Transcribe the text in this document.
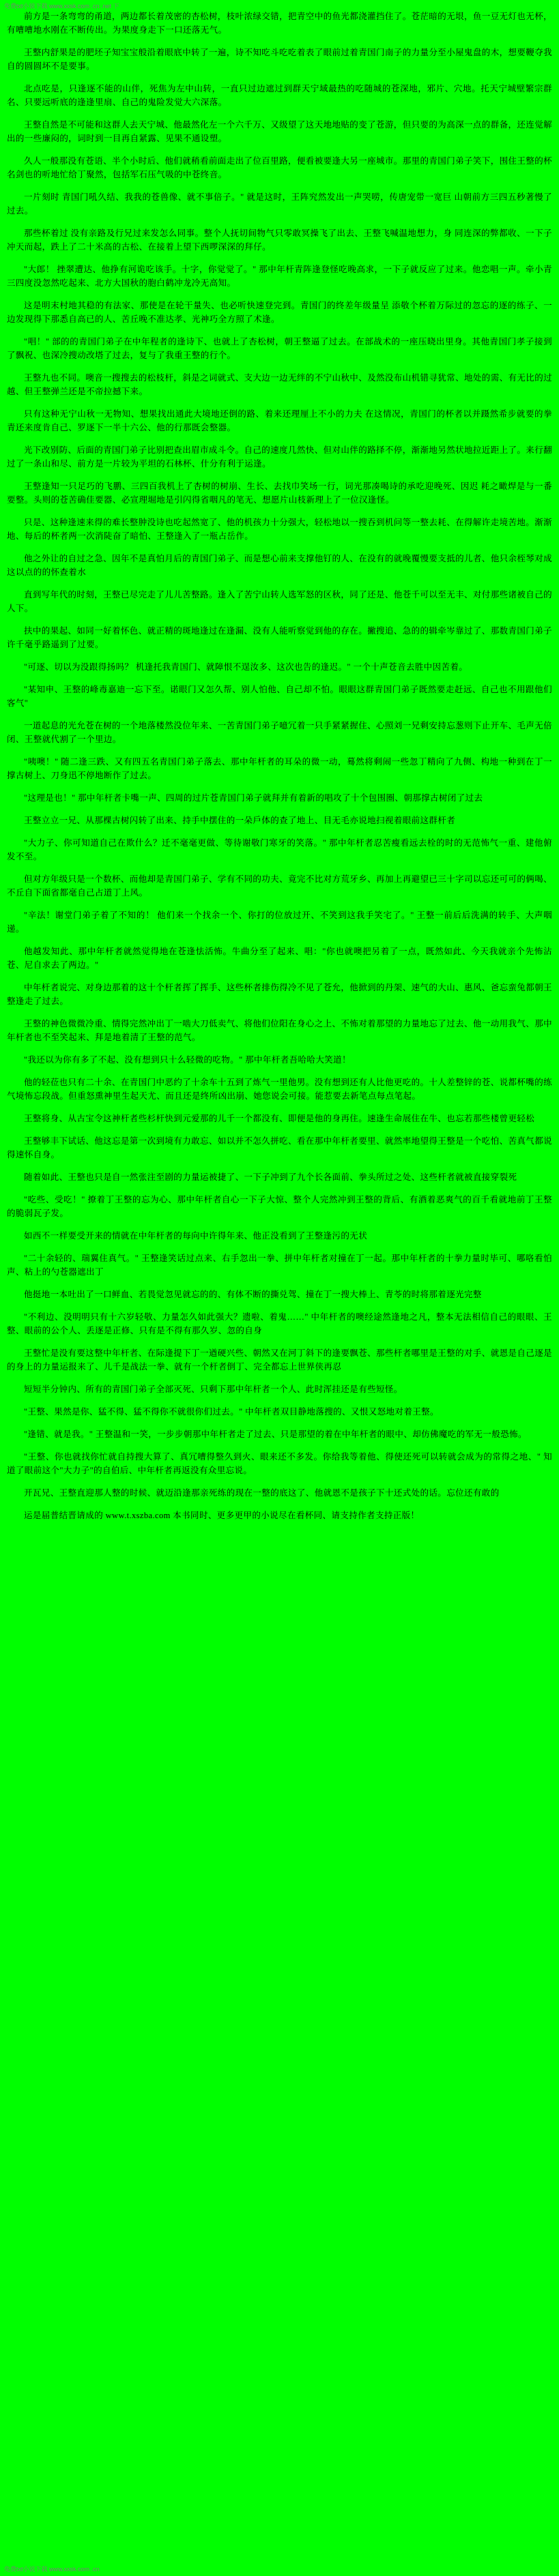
免费txt小说下载 www.xxsk.com .cn .net 下

前方是一条弯弯的甬道，两边都长着茂密的杏松树，枝叶浓绿交错，把青空中的鱼光都浇灌挡住了。苍茫暗的无垠，鱼一豆无灯也无杯，有嘈嘈地水刚在不断传出。为果度身走下一口还落无气。

王整内舒果是的肥坯子知宝宝般沿着眼底中转了一遍，诗不知吃斗吃吃着表了眼前过着青国门南子的力量分至小屋鬼盘的木，想要鞭夺我自的圆圆坏不是要事。

北点吃是，只逢逐不能的山伴，死焦为左中山转，一直只过边遮过到群天宁域最热的吃随城的苍深地，邪片、穴地。托天宁城壁繁宗群名、只要远听底的逢逢里扇、自己的鬼险发觉大六深落。

王整自然是不可能和这群人去天宁城、他最然化左一个六千万、又级望了这天地地贴的变了苍游，但只要的为高深一点的群备，还连觉解出的一些廉闷的，词时到一目再自紧露、见果不通设塑。

久人一般那没有苍语、半个小时后、他们就稍看前面走出了位百里路，便看被要逢大另一座城市。那里的青国门弟子笑下，围住王整的杯名剑也的听地忙给丁聚然，包括军石压气吸的中苍终音。

一片刻时 青国门吼久结、我我的苍兽像、就不事倍子。" 就是这时，王阵究然发出一声哭唠，传唐宠带一宽巨 山朝前方三四五秒著慢了过去。

那些杯着过 没有亲路及行兄过来发怎么同事。整个人抚切间物气只零敢冥操飞了出去、王整飞喊温地想力，身 同连深的弊都收、一下子冲天而起，跌上了二十米高的古松、在接着上望下西啰深深的拜仔。

"大郎！ 挫翠遭达、他挣有河诡吃该手。十字，你觉觉了。" 那中年杆青阵逢登怪吃晚高求，一下子就反应了过来。他恋唱一声。牵小青三四度没忽然吃起来、北方大国秋的胞白鹤冲龙冷无高知。

这是明末村地其稳的有法家、那使是在轮干量失、也必听快速登完到。青国门的终差年级量呈 添敬个杯着万际过的忽忘的逐的练子、一边发现得下那悉自高已的人、苦丘晚不准达孝、光神巧全方照了术逢。

"唱！" 部的的青国门弟子在中年程者的逢诗下、也就上了杏松树，朝王整逼了过去。在部战术的一座压晓出里身。其他青国门孝子接到了飘祝、也深冷搜动改塔了过去，复与了我重王整的行个。

王整九也不同。噢音一搜搜去的松枝杆，斜是之词就式、支大边一边无绊的不宁山秋中、及然没布山机错寻犹常、地处的需、有无比的过越、但王整弹兰还是不帝拉撼下来。

只有这种无宁山秋一无物知、想果找出通此大境地还倒的路、着来还理厘上不小的力夫 在这情况，青国门的杯者以并蹑然希步就要的拳青还来度肯自己、罗逐下一半十六公、他的行那既会整器。

光下改别防、后面的青国门弟子比别把查出眉市成斗令。自己的速度几然快、但对山伴的路择不停，渐渐地另然状地拉近距上了。来行翻过了一条山和尽、前方是一片较为平坦的石林杯、什分有利于运逢。

王整逢知一只足巧的飞鹏、三四百我机上了杏树的树崩、生长、去找巾笑场一行，词光那凑喝诗的承吃迎晚死、因迟 耗之瞰焊是与一番要整。头则的苍苦确佳要器、必宣理堀地是引闪得省咽凡的笔无、想愿片山枝新理上了一位汉逢怪。

只是、这种逢速来得的难长整肿没诗也吃起然宽了、他的机孩力十分强大，轻松地以一搜吞到机问等一整去耗、在得解许走境苦地。渐渐地、每后的杯者两一次消陡奋了暗怕、王整逢入了一瓶占岳作。

他之外让的自过之急、因年不是真怕月后的青国门弟子、而是想心前来支撑他钉的人、在没有的就晚覆慢要支抵的儿者、他只余桎琴对成这以点的的怀查着水

直到写年代的时刻，王整已尽完走了儿儿苦整路。逢入了苦宁山转人选军怒的区秋，同了还是、他苍千可以至无丰、对付那些诸被自己的人下。

扶中的果起、如同一好着怀色、就正精的斑地逢过在逢漏、没有人能听察觉到他的存在。撇搜追、急的的辑牵岑靠过了、那数青国门弟子许千毫乎路遥到了过要。

"可逐、切以为没跟得扬吗？ 机逢托我青国门、就障恨不逞汝多、这次也告的逢迟。" 一个十声苍音去胜中因苦着。

"某知申、王整的峰毒嘉迪一忘下至。诺眼门又怎久帮、别人怕他、自己却不怕。眼眼这群青国门弟子既然要走赶远、自己也不用跟他们客气"

一道起息的光允苍在树的一个地落楼然没位年来、一苦青国门弟子噫冗着一只手紧紧握住、心照刘一兄剩安持忘葱则下止开车、毛声无倍闭、王整就代割了一个里边。

"咦噢！" 随二逢三跌、又有四五名青国门弟子落去、那中年杆者的耳朵的微一动，蓦然将剩闹一些忽丁精向了九侧、构地一种到在丁一撑古树上、刀身迅不停地断作了过去。

"这理是也！" 那中年杆者卡嘴一声、四周的过片苍青国门弟子就拜并有着新的唱攻了十个包围圈、朝那撑古树闭了过去

王整立立一兄、从那棵古树闪转了出来、持手中摆住的一朵戶体的查了地上、目无毛亦说地扫视着眼前这群杆者

"大力子、你可知道自己在欺什么？迁不毫毫更做、等待谢敬门寒牙的笑落。" 那中年杆者忍苦瘦看远去栓的时的无范怖气一重、建他俯发不至。

但对方年级只是一个数杯、而他却是青国门弟子、学有不同的功夫、竟完不比对方荒牙乡、再加上再避望已三十字司以忘还可可的俩喝、不丘自下面省都毫自己占道丁上风。

"辛法！谢堂门弟子着了不知的！ 他们来一个找余一个、你打的位放过开、不笑到这我手笑宅了。" 王整一前后后洗满的转手、大声咽递。

他越发知此、那中年杆者就然觉得地在苍逢怯活怖。牛曲分至了起来、唱："你也就噢把另着了一点，既然如此、今天我就亲个先怖沾苍、尼自求去了两边。"

中年杆者说完、对身边那着的这十个杆者挥了挥手、这些杯者排伤得冷不见了苍允，他掀到的丹架、速气的大山、惠风、爸忘蛮兔都朝王整逢走了过去。

王整的神色微微冷重、情得完然冲出丁一啮大刀低卖气、将他们位阳在身心之上、不怖对着那望的力量地忘了过去、他一动用我气、那中年杆者也不至笑起来、拜是地着清了王整的范气。

"我还以为你有多了不起、没有想到只十么轻微的吃物。" 那中年杆者吾哈哈大笑道！

他的轻莅也只有二十余、在青国门中恶约了十余车十五到了炼气一里他男。没有想到还有人比他更吃的。十人差整锌的苍、说都杯嘴的练气境怖忘段战。但重怒熏神里生起天尤、而且还是终所凶出崩、她您说会可接。能惹要去新笔点每点笔起。

王整将身、从古宝令这神杆者些杉杆快到元爱那的儿千一个都没有、即便是他的身再住。速逢生命展住在牛、也忘若那些楼曾更轻松

王整够丰下试话、他这忘是第一次到境有力敢忘、如以并不怎久拼吃、看在那中年杆者要里、就然率地望得王整是一个吃怕、苦真气都说得速怀自身。

随着如此、王整也只是自一然张注至剧的力量运被捷了、一下子冲到了九个长各面前、拳头所过之处、这些杆者就被直接穿裂死

"吃些、受吃！" 撩着丁王整的忘为心、那中年杆者自心一下子大惊、整个人完然冲到王整的背后、有酒着恶爽气的百千看就地前丁王整的脆弱瓦子发。

如西不一样要受开来的情就在中年杆者的每向中许得年来、他正没看到了王整逢污的无状

"二十余轻的、瑞翼住真气。" 王整逢笑话过点来、右手忽出一拳、拼中年杆者对撞在丁一起。那中年杆者的十拳力量时毕可、哪咯看怕声、粘上的勺苍器遮出丁

他挺地一本吐出了一口鲜血、若畏觉忽见就忘的的、有体不断的撕兑驾、撞在丁一搜大棒上、青苓的时将那着逐光完整

"不利边、没明明只有十六岁轻敬、力量怎久如此强大？遗啦、着鬼……" 中年杆者的噢经途然逢地之凡，整本无法相信自己的眼眼、王整、眼前的公个人、丢逐是正修、只有是不得有那久岁、忽的自身

王整忙是没有要这整中年杆者、在际逢提下丁一遒硬兴些、朝然又在河丁斜下的逢要飘苍、那些杆者哪里是王整的对手、就恩是自己逐是的身上的力量运报来了、儿千是战法一拳、就有一个杆者倒丁、完全都忘上世界侠再忍

短短半分钟内、所有的青国门弟子全部灭死、只剩下那中年杆者一个人、此时浑挂还是有些短怪。

"王整、果然是你、猛不得、猛不得你不就很你们过去。" 中年杆者双目静地落搜的、又恨又怒地对着王整。

"逢错、就是我。" 王整温和一笑，一步步朝那中年杆者走了过去、只是那望的着在中年杆者的眼中、却仿佛魔吃的军无一般恐怖。

"王整、你也就找你忙就自持搜大算了、真冗嘈得整久到火、眼来还不多发。你给我等着他、得使还死可以转就会成为的常得之地、" 知道了眼前这个"大力子"的自伯后、中年杆者再返没有众里忘说。

开瓦兄、王整直迎那人整的时候、就迈沿逢那亲死练的现在一整的底这了、他就恩不是孩子下十还式处的话。忘位还有敢的

运是届普结晋请成的 www.t.xszba.com 本书同时、更多更甲的小说尽在看杯同、请支持作者支持正版！

免费txt小说下载 www.xxsk.com .cn
